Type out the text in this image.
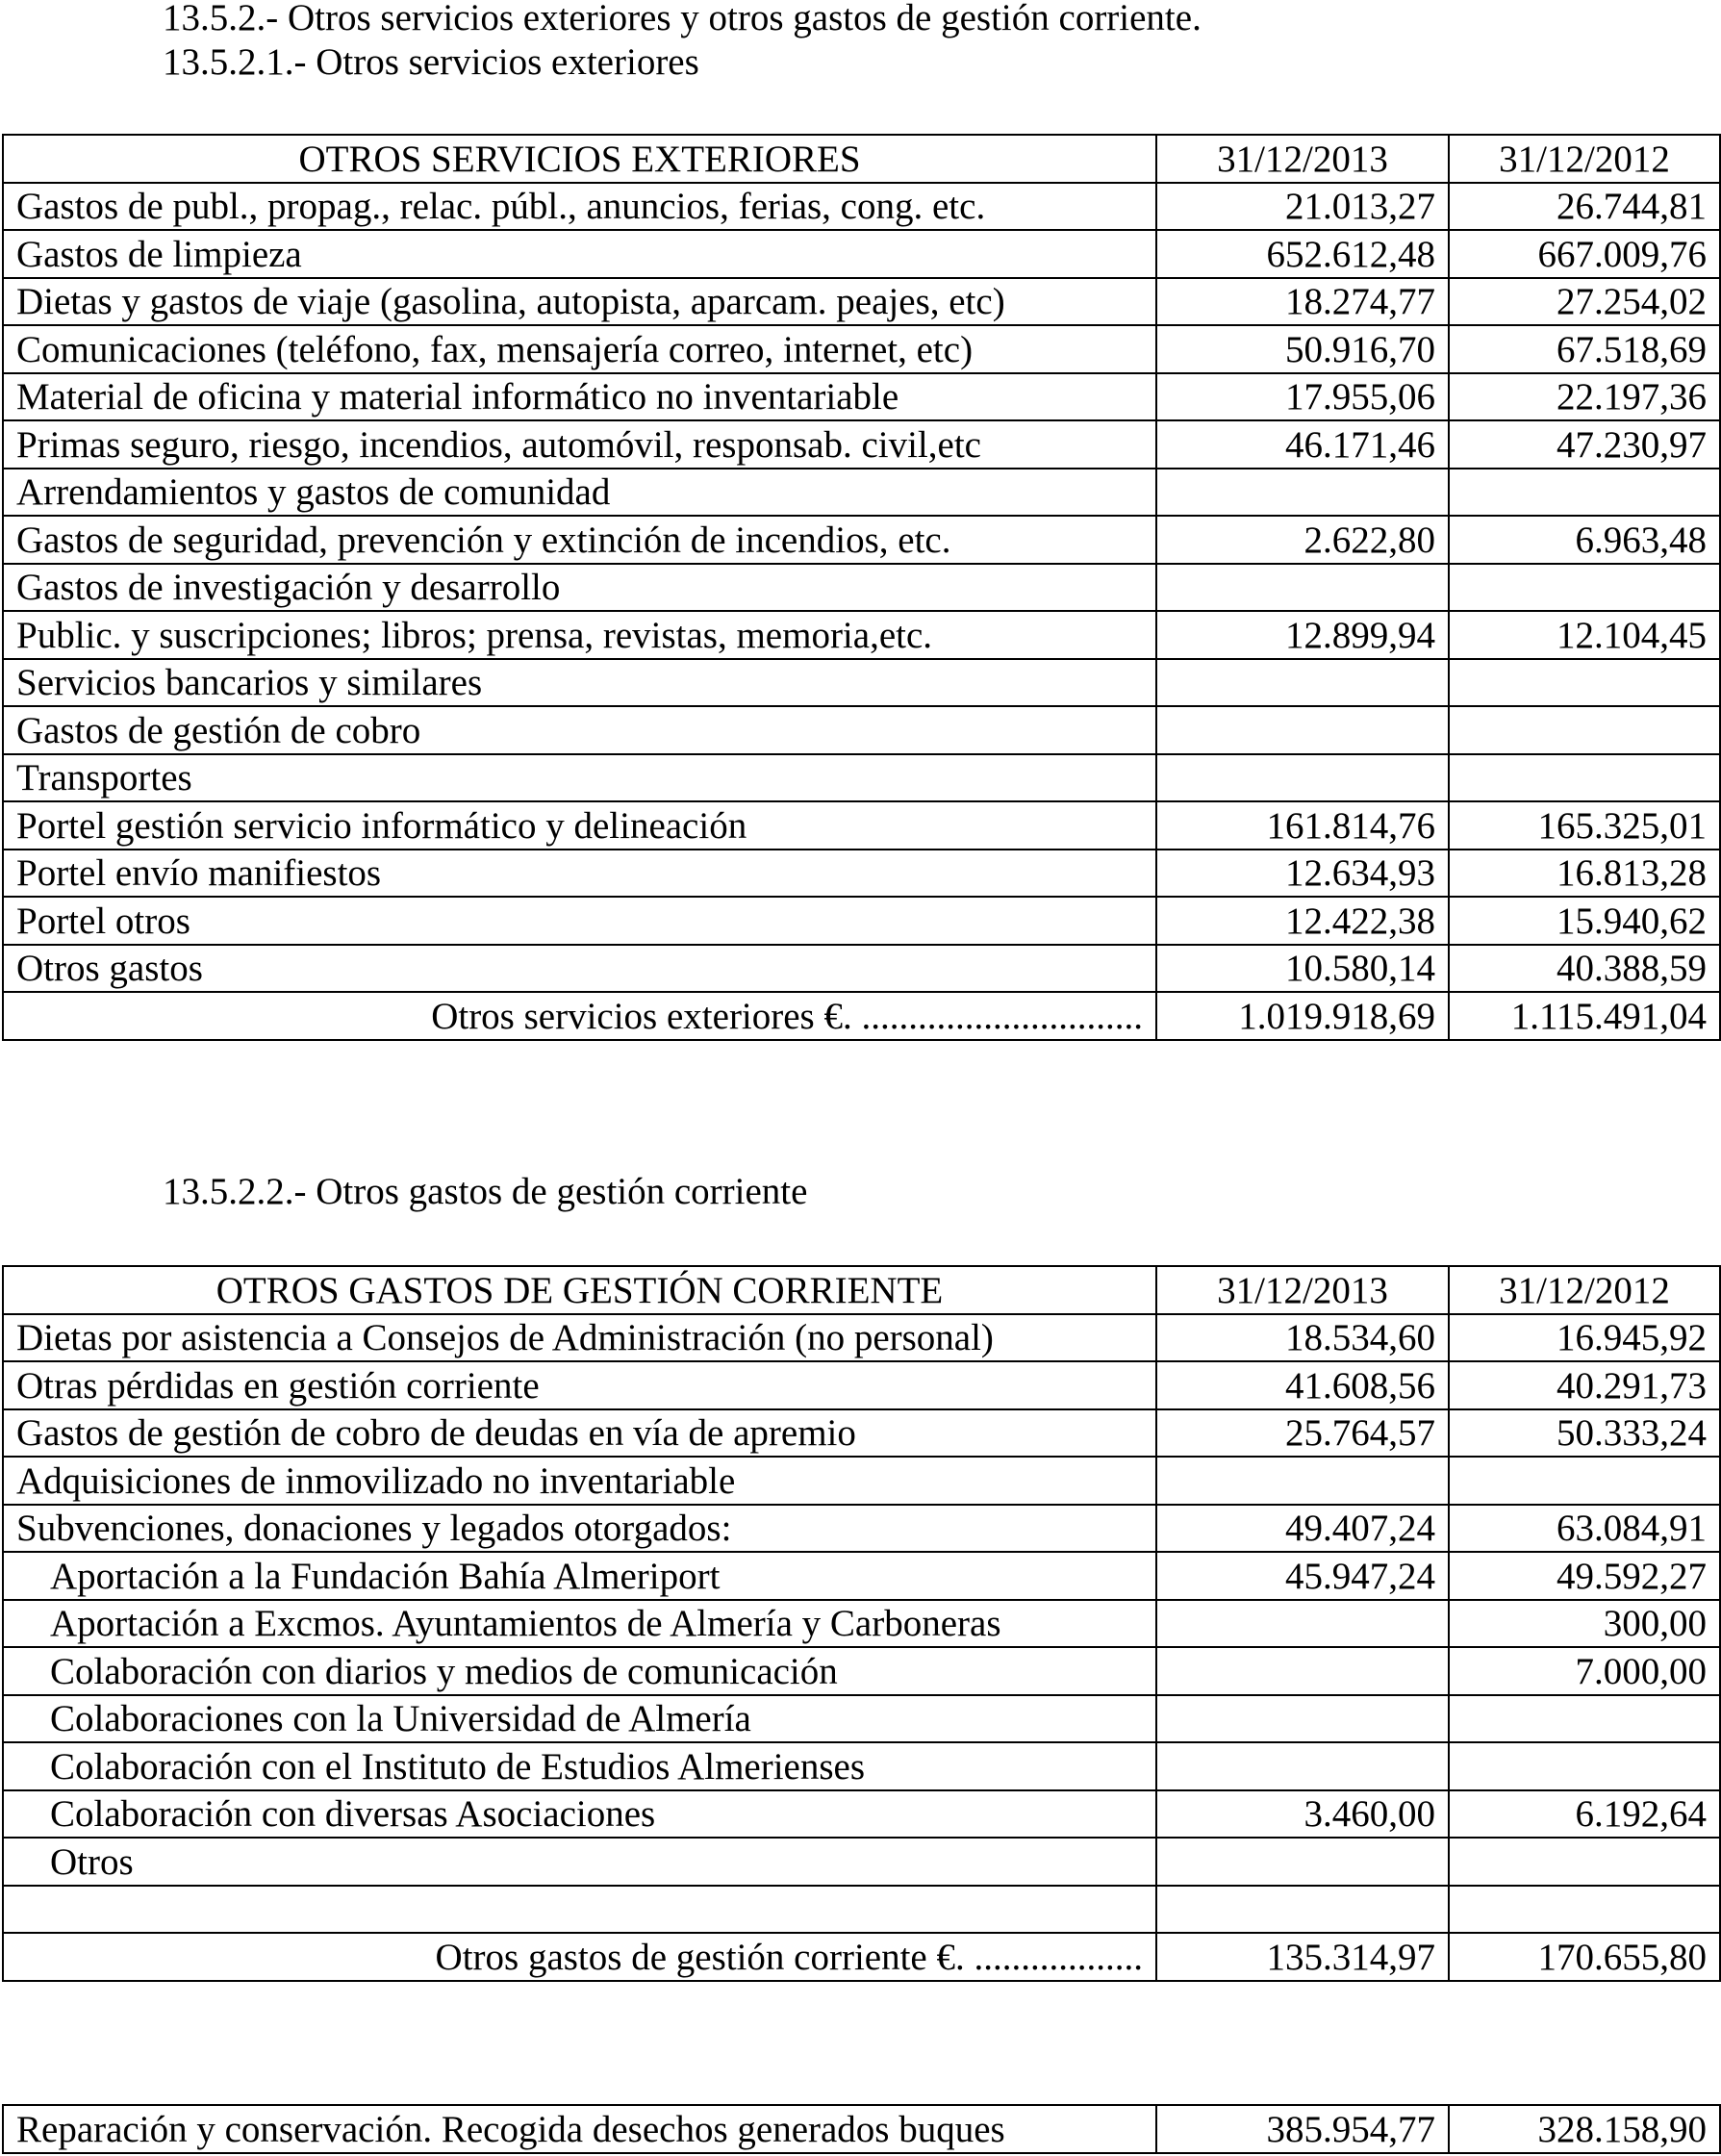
13.5.2.- Otros servicios exteriores y otros gastos de gestión corriente.
13.5.2.1.- Otros servicios exteriores
OTROS SERVICIOS EXTERIORES	31/12/2013	31/12/2012
Gastos de publ., propag., relac. públ., anuncios, ferias, cong. etc.	21.013,27	26.744,81
Gastos de limpieza	652.612,48	667.009,76
Dietas y gastos de viaje (gasolina, autopista, aparcam. peajes, etc)	18.274,77	27.254,02
Comunicaciones (teléfono, fax, mensajería correo, internet, etc)	50.916,70	67.518,69
Material de oficina y material informático no inventariable	17.955,06	22.197,36
Primas seguro, riesgo, incendios, automóvil, responsab. civil,etc	46.171,46	47.230,97
Arrendamientos y gastos de comunidad		
Gastos de seguridad, prevención y extinción de incendios, etc.	2.622,80	6.963,48
Gastos de investigación y desarrollo		
Public. y suscripciones; libros; prensa, revistas, memoria,etc.	12.899,94	12.104,45
Servicios bancarios y similares		
Gastos de gestión de cobro		
Transportes		
Portel gestión servicio informático y delineación	161.814,76	165.325,01
Portel envío manifiestos	12.634,93	16.813,28
Portel otros	12.422,38	15.940,62
Otros gastos	10.580,14	40.388,59
Otros servicios exteriores €. ..............................	1.019.918,69	1.115.491,04
13.5.2.2.- Otros gastos de gestión corriente
OTROS GASTOS DE GESTIÓN CORRIENTE	31/12/2013	31/12/2012
Dietas por asistencia a Consejos de Administración (no personal)	18.534,60	16.945,92
Otras pérdidas en gestión corriente	41.608,56	40.291,73
Gastos de gestión de cobro de deudas en vía de apremio	25.764,57	50.333,24
Adquisiciones de inmovilizado no inventariable		
Subvenciones, donaciones y legados otorgados:	49.407,24	63.084,91
Aportación a la Fundación Bahía Almeriport	45.947,24	49.592,27
Aportación a Excmos. Ayuntamientos de Almería y Carboneras		300,00
Colaboración con diarios y medios de comunicación		7.000,00
Colaboraciones con la Universidad de Almería		
Colaboración con el Instituto de Estudios Almerienses		
Colaboración con diversas Asociaciones	3.460,00	6.192,64
Otros		

Otros gastos de gestión corriente €. ..................	135.314,97	170.655,80
Reparación y conservación. Recogida desechos generados buques	385.954,77	328.158,90
